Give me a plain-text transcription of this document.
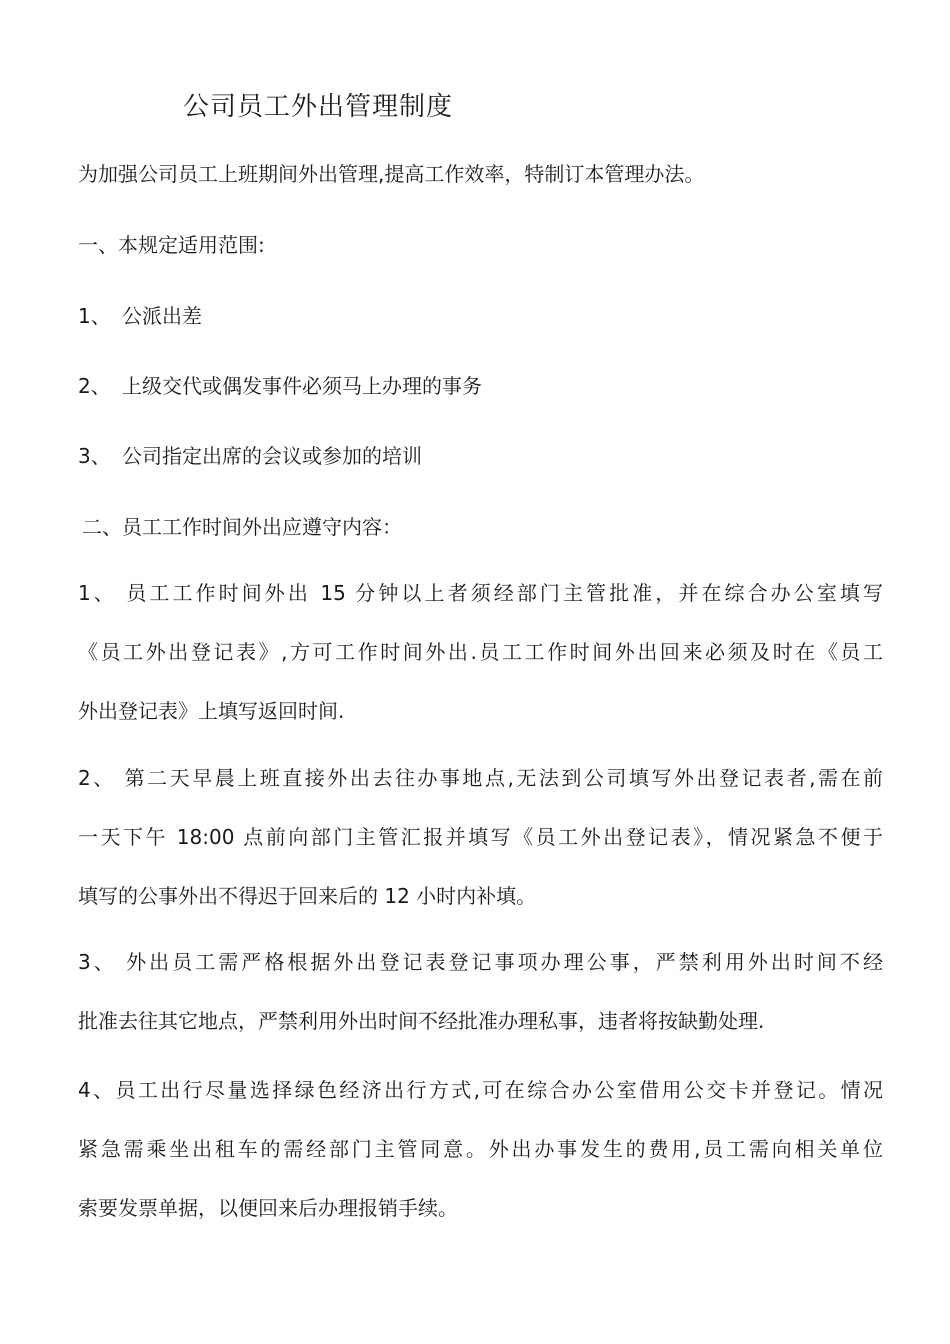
公司员工外出管理制度
为加强公司员工上班期间外出管理,提高工作效率，特制订本管理办法。
一、本规定适用范围:
1、 公派出差
2、 上级交代或偶发事件必须马上办理的事务
3、 公司指定出席的会议或参加的培训
二、员工工作时间外出应遵守内容：
1、 员工工作时间外出 15 分钟以上者须经部门主管批准，并在综合办公室填写
《员工外出登记表》,方可工作时间外出.员工工作时间外出回来必须及时在《员工
外出登记表》上填写返回时间.
2、 第二天早晨上班直接外出去往办事地点,无法到公司填写外出登记表者,需在前
一天下午 18:00 点前向部门主管汇报并填写《员工外出登记表》，情况紧急不便于
填写的公事外出不得迟于回来后的 12 小时内补填。
3、 外出员工需严格根据外出登记表登记事项办理公事，严禁利用外出时间不经
批准去往其它地点，严禁利用外出时间不经批准办理私事，违者将按缺勤处理.
4、员工出行尽量选择绿色经济出行方式,可在综合办公室借用公交卡并登记。情况
紧急需乘坐出租车的需经部门主管同意。外出办事发生的费用,员工需向相关单位
索要发票单据，以便回来后办理报销手续。
